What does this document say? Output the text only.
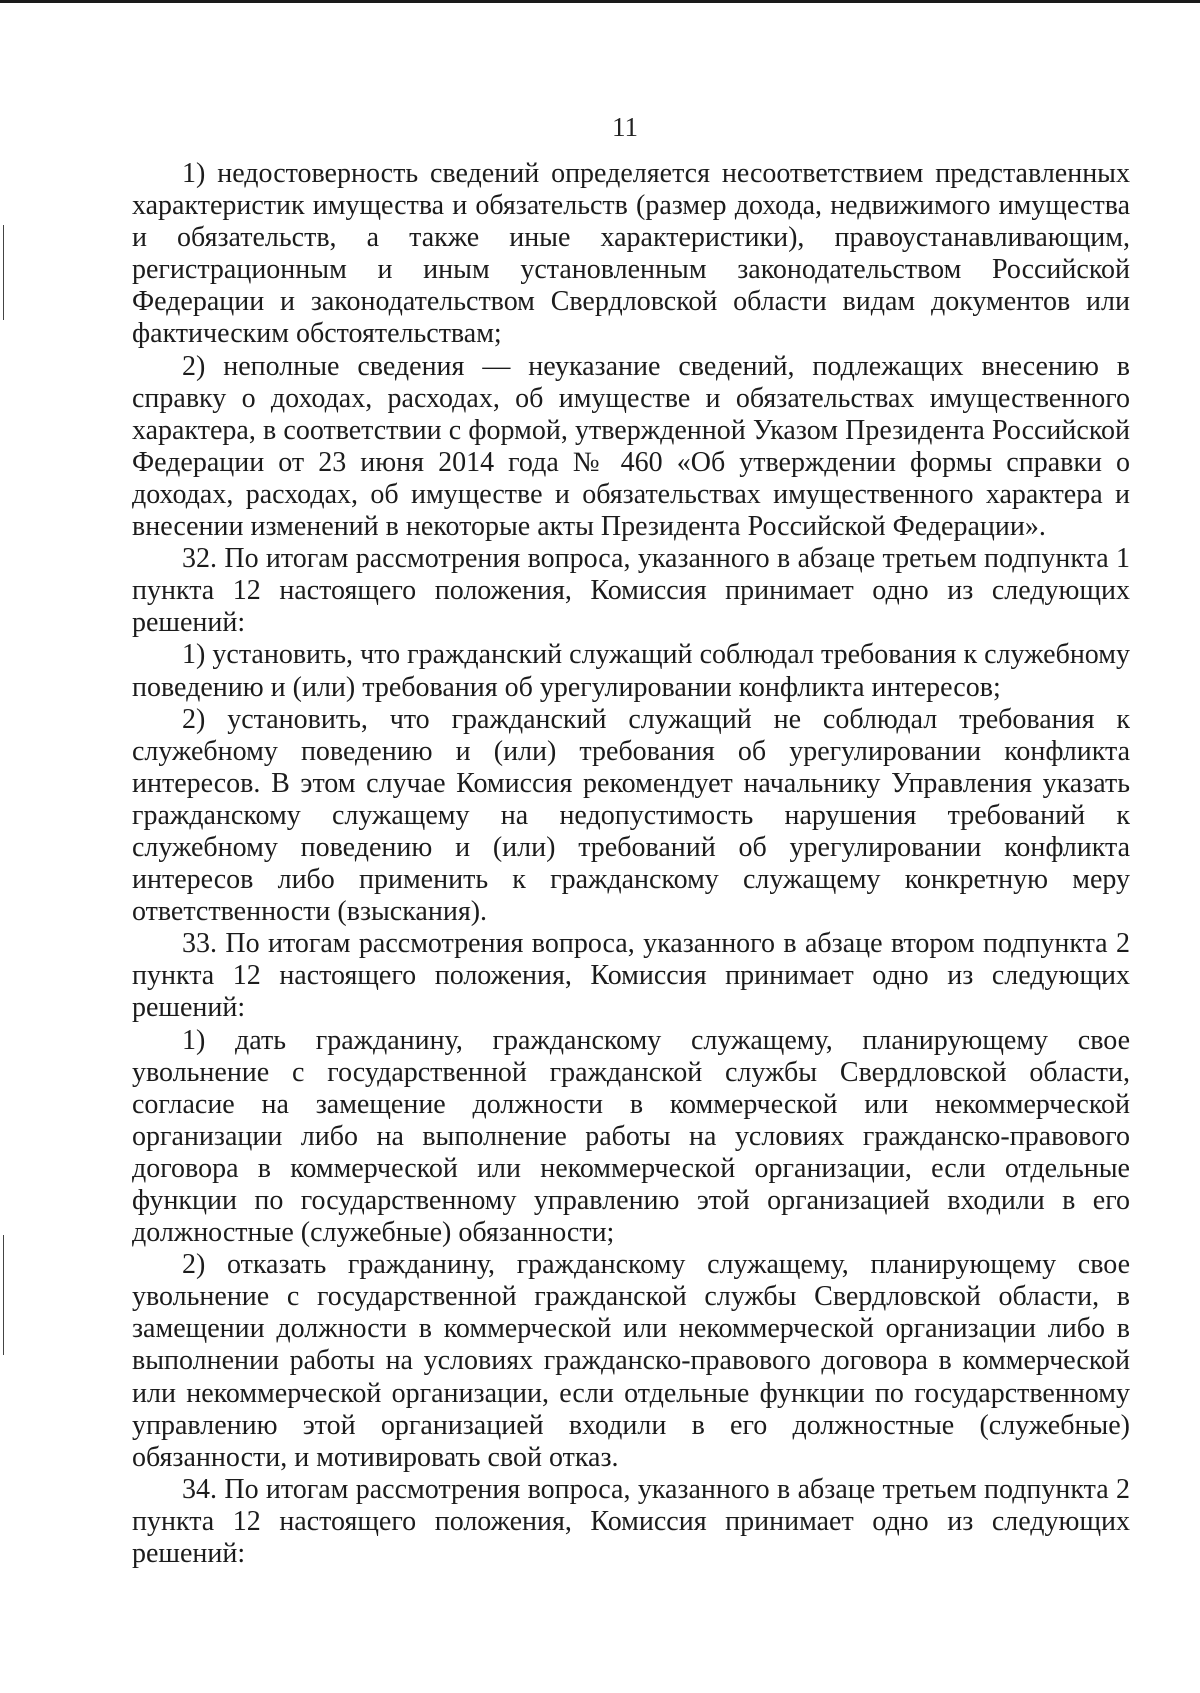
11

1) недостоверность сведений определяется несоответствием представленных характеристик имущества и обязательств (размер дохода, недвижимого имущества и обязательств, а также иные характеристики), правоустанавливающим, регистрационным и иным установленным законодательством Российской Федерации и законодательством Свердловской области видам документов или фактическим обстоятельствам;

2) неполные сведения — неуказание сведений, подлежащих внесению в справку о доходах, расходах, об имуществе и обязательствах имущественного характера, в соответствии с формой, утвержденной Указом Президента Российской Федерации от 23 июня 2014 года № 460 «Об утверждении формы справки о доходах, расходах, об имуществе и обязательствах имущественного характера и внесении изменений в некоторые акты Президента Российской Федерации».

32. По итогам рассмотрения вопроса, указанного в абзаце третьем подпункта 1 пункта 12 настоящего положения, Комиссия принимает одно из следующих решений:

1) установить, что гражданский служащий соблюдал требования к служебному поведению и (или) требования об урегулировании конфликта интересов;

2) установить, что гражданский служащий не соблюдал требования к служебному поведению и (или) требования об урегулировании конфликта интересов. В этом случае Комиссия рекомендует начальнику Управления указать гражданскому служащему на недопустимость нарушения требований к служебному поведению и (или) требований об урегулировании конфликта интересов либо применить к гражданскому служащему конкретную меру ответственности (взыскания).

33. По итогам рассмотрения вопроса, указанного в абзаце втором подпункта 2 пункта 12 настоящего положения, Комиссия принимает одно из следующих решений:

1) дать гражданину, гражданскому служащему, планирующему свое увольнение с государственной гражданской службы Свердловской области, согласие на замещение должности в коммерческой или некоммерческой организации либо на выполнение работы на условиях гражданско-правового договора в коммерческой или некоммерческой организации, если отдельные функции по государственному управлению этой организацией входили в его должностные (служебные) обязанности;

2) отказать гражданину, гражданскому служащему, планирующему свое увольнение с государственной гражданской службы Свердловской области, в замещении должности в коммерческой или некоммерческой организации либо в выполнении работы на условиях гражданско-правового договора в коммерческой или некоммерческой организации, если отдельные функции по государственному управлению этой организацией входили в его должностные (служебные) обязанности, и мотивировать свой отказ.

34. По итогам рассмотрения вопроса, указанного в абзаце третьем подпункта 2 пункта 12 настоящего положения, Комиссия принимает одно из следующих решений:
